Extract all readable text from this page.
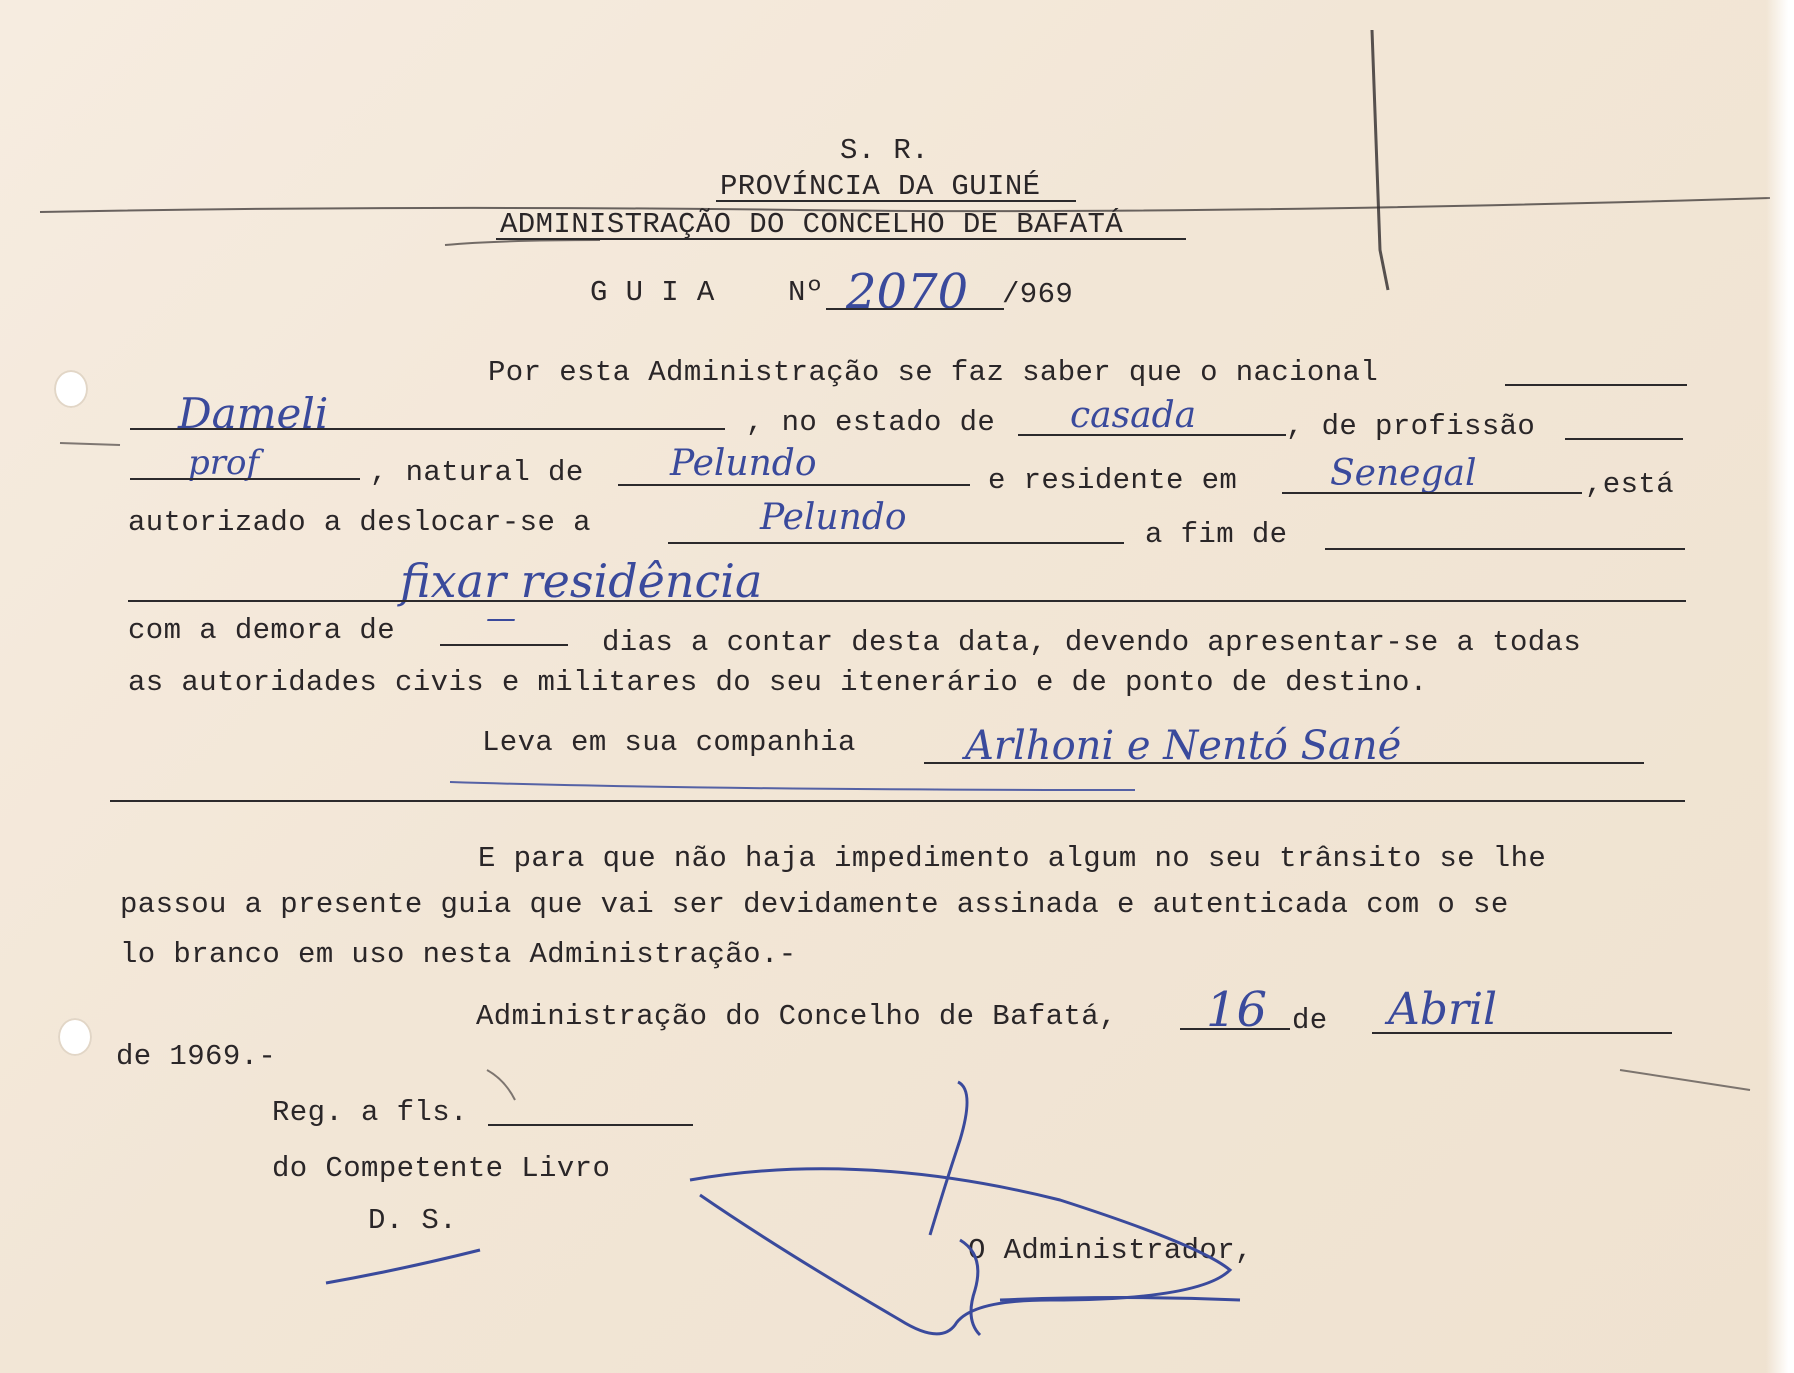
S. R.
PROVÍNCIA DA GUINÉ
ADMINISTRAÇÃO DO CONCELHO DE BAFATÁ
G U I A	Nº 2070 /969
Por esta Administração se faz saber que o nacional
Dameli	, no estado de casada	, de profissão
prof	, natural de Pelundo	e residente em	Senegal	,está
autorizado a deslocar-se a	Pelundo	a fim de
fixar residência
com a demora de	—
dias a contar desta data, devendo apresentar-se a todas
as autoridades civis e militares do seu itenerário e de ponto de destino.
Leva em sua companhia	Arlhoni e Nentó Sané
E para que não haja impedimento algum no seu trânsito se lhe
passou a presente guia que vai ser devidamente assinada e autenticada com o se
lo branco em uso nesta Administração.-
Administração do Concelho de Bafatá, 16 de Abril
de 1969.-
Reg. a fls.
do Competente Livro
D. S.
O Administrador,
